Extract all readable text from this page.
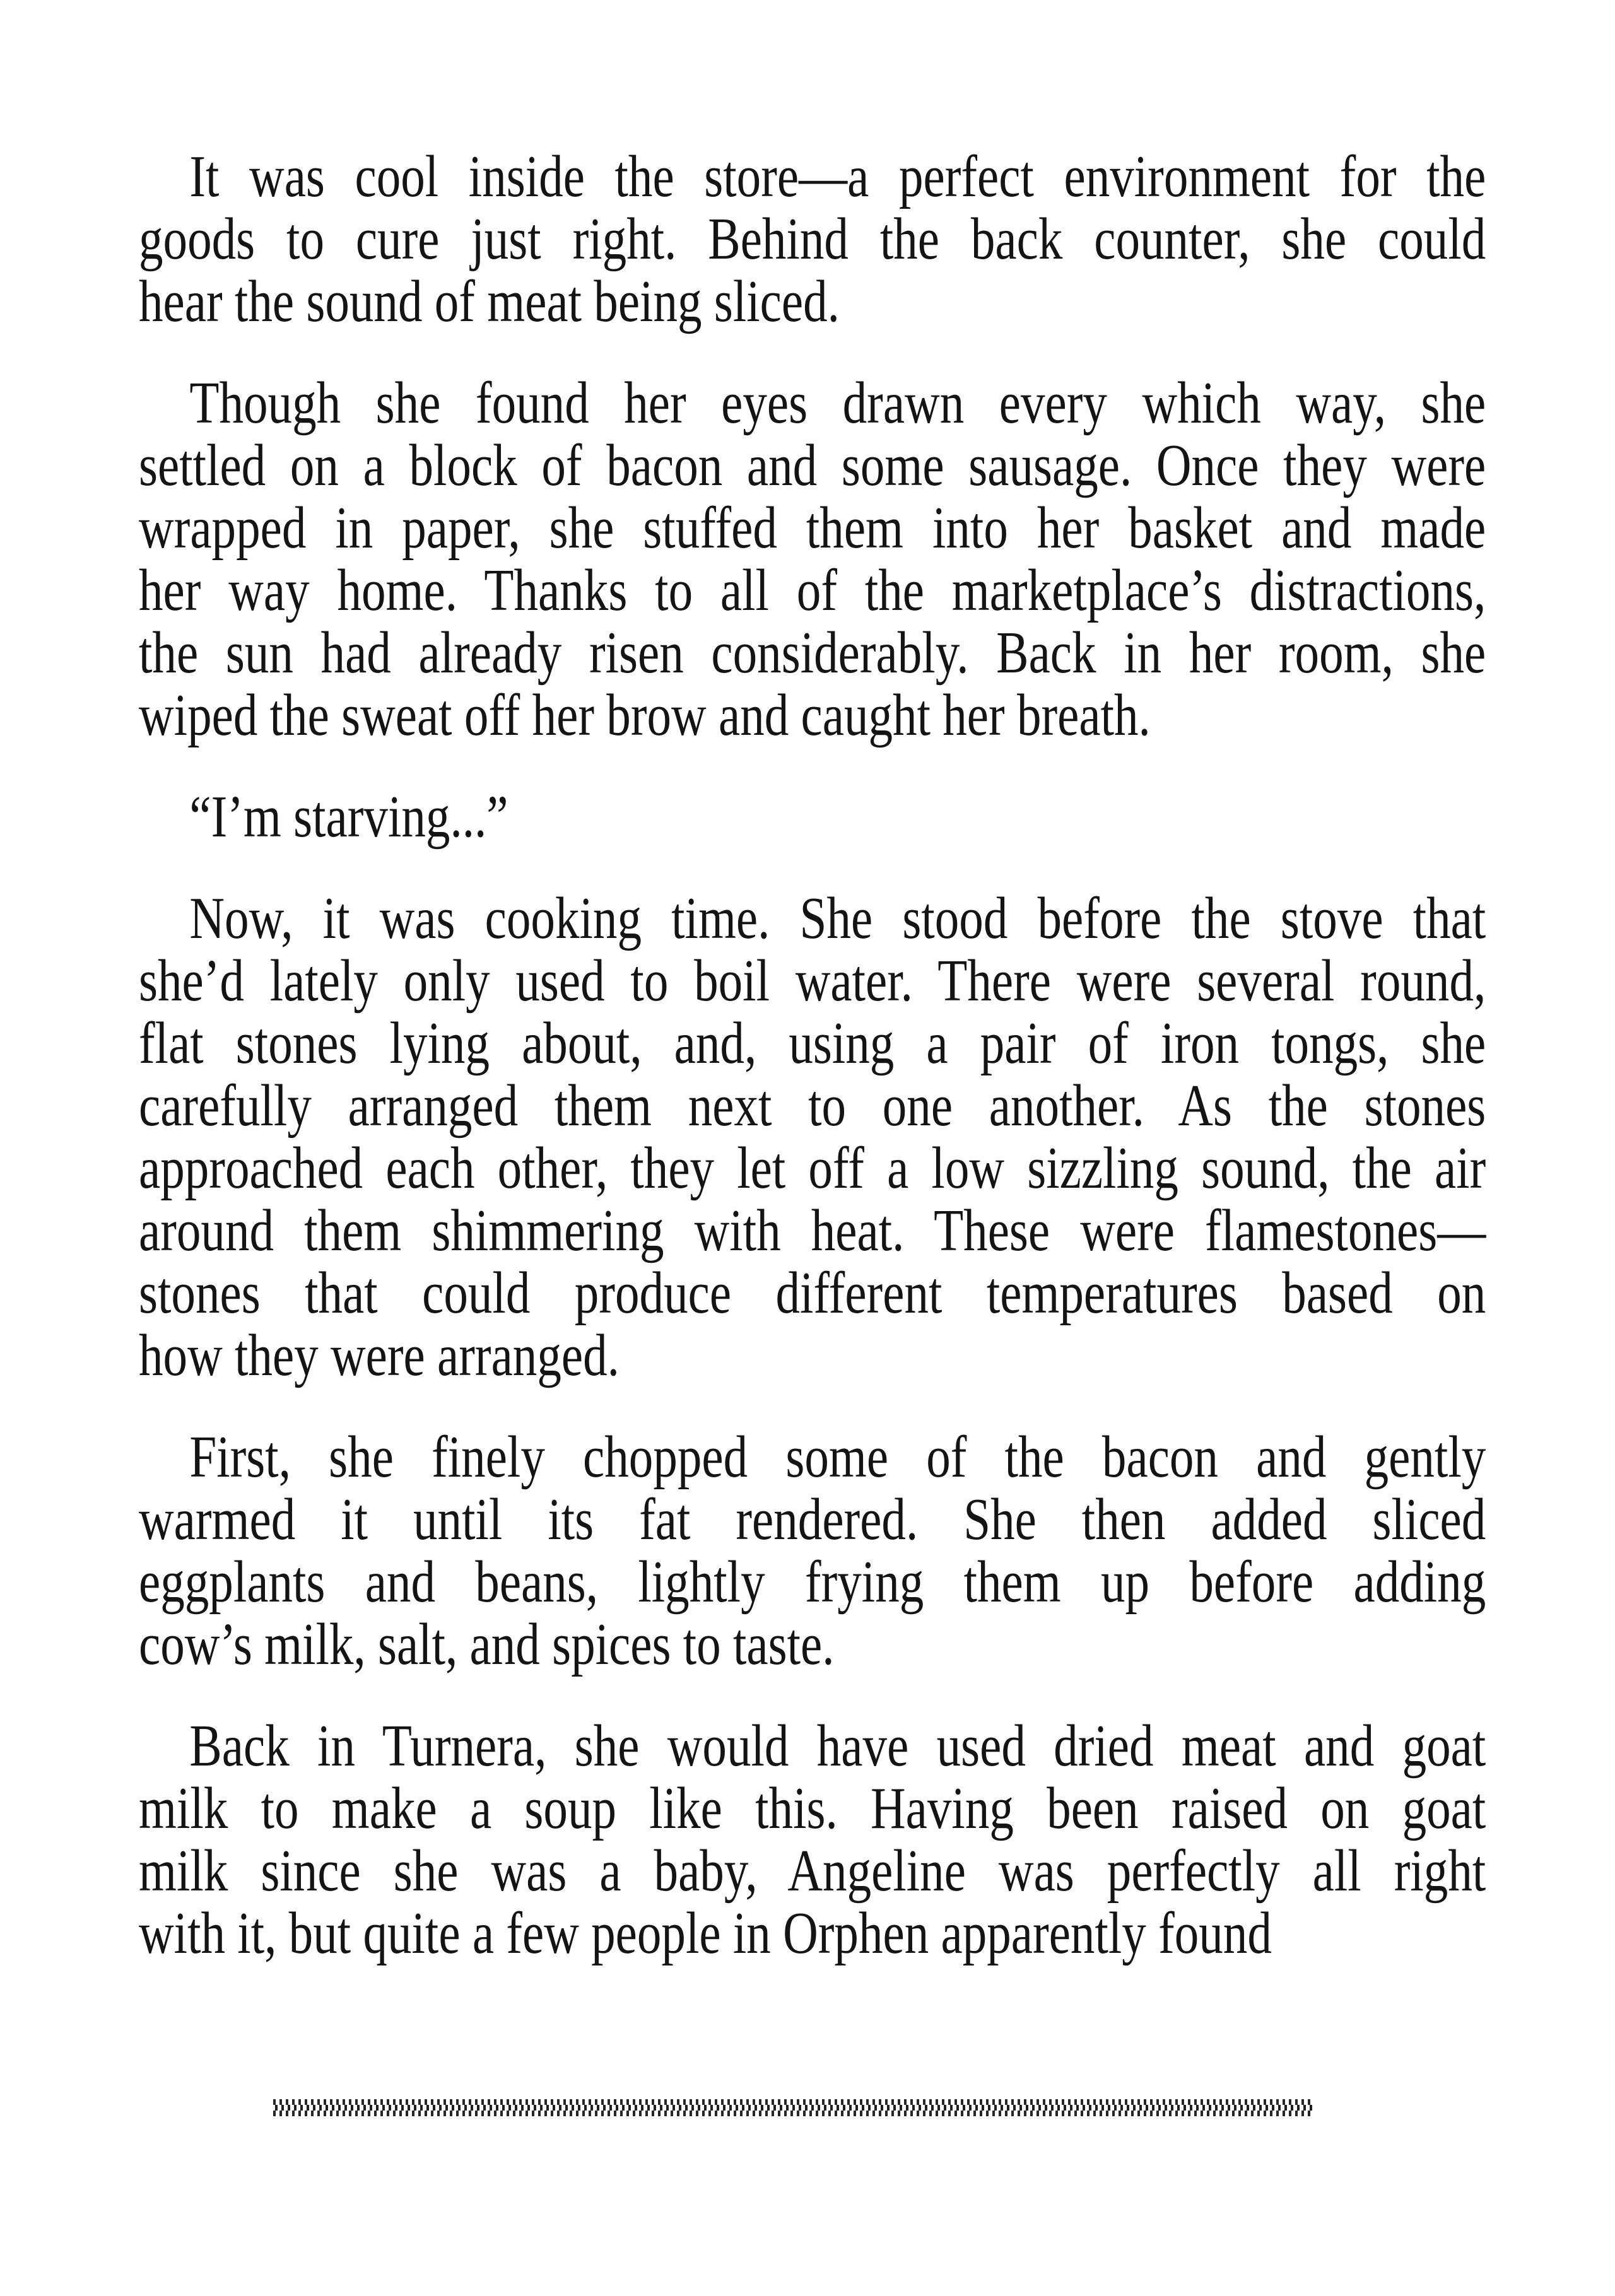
It was cool inside the store—a perfect environment for the
goods to cure just right. Behind the back counter, she could
hear the sound of meat being sliced.
Though she found her eyes drawn every which way, she
settled on a block of bacon and some sausage. Once they were
wrapped in paper, she stuffed them into her basket and made
her way home. Thanks to all of the marketplace’s distractions,
the sun had already risen considerably. Back in her room, she
wiped the sweat off her brow and caught her breath.
“I’m starving...”
Now, it was cooking time. She stood before the stove that
she’d lately only used to boil water. There were several round,
flat stones lying about, and, using a pair of iron tongs, she
carefully arranged them next to one another. As the stones
approached each other, they let off a low sizzling sound, the air
around them shimmering with heat. These were flamestones—
stones that could produce different temperatures based on
how they were arranged.
First, she finely chopped some of the bacon and gently
warmed it until its fat rendered. She then added sliced
eggplants and beans, lightly frying them up before adding
cow’s milk, salt, and spices to taste.
Back in Turnera, she would have used dried meat and goat
milk to make a soup like this. Having been raised on goat
milk since she was a baby, Angeline was perfectly all right
with it, but quite a few people in Orphen apparently found
